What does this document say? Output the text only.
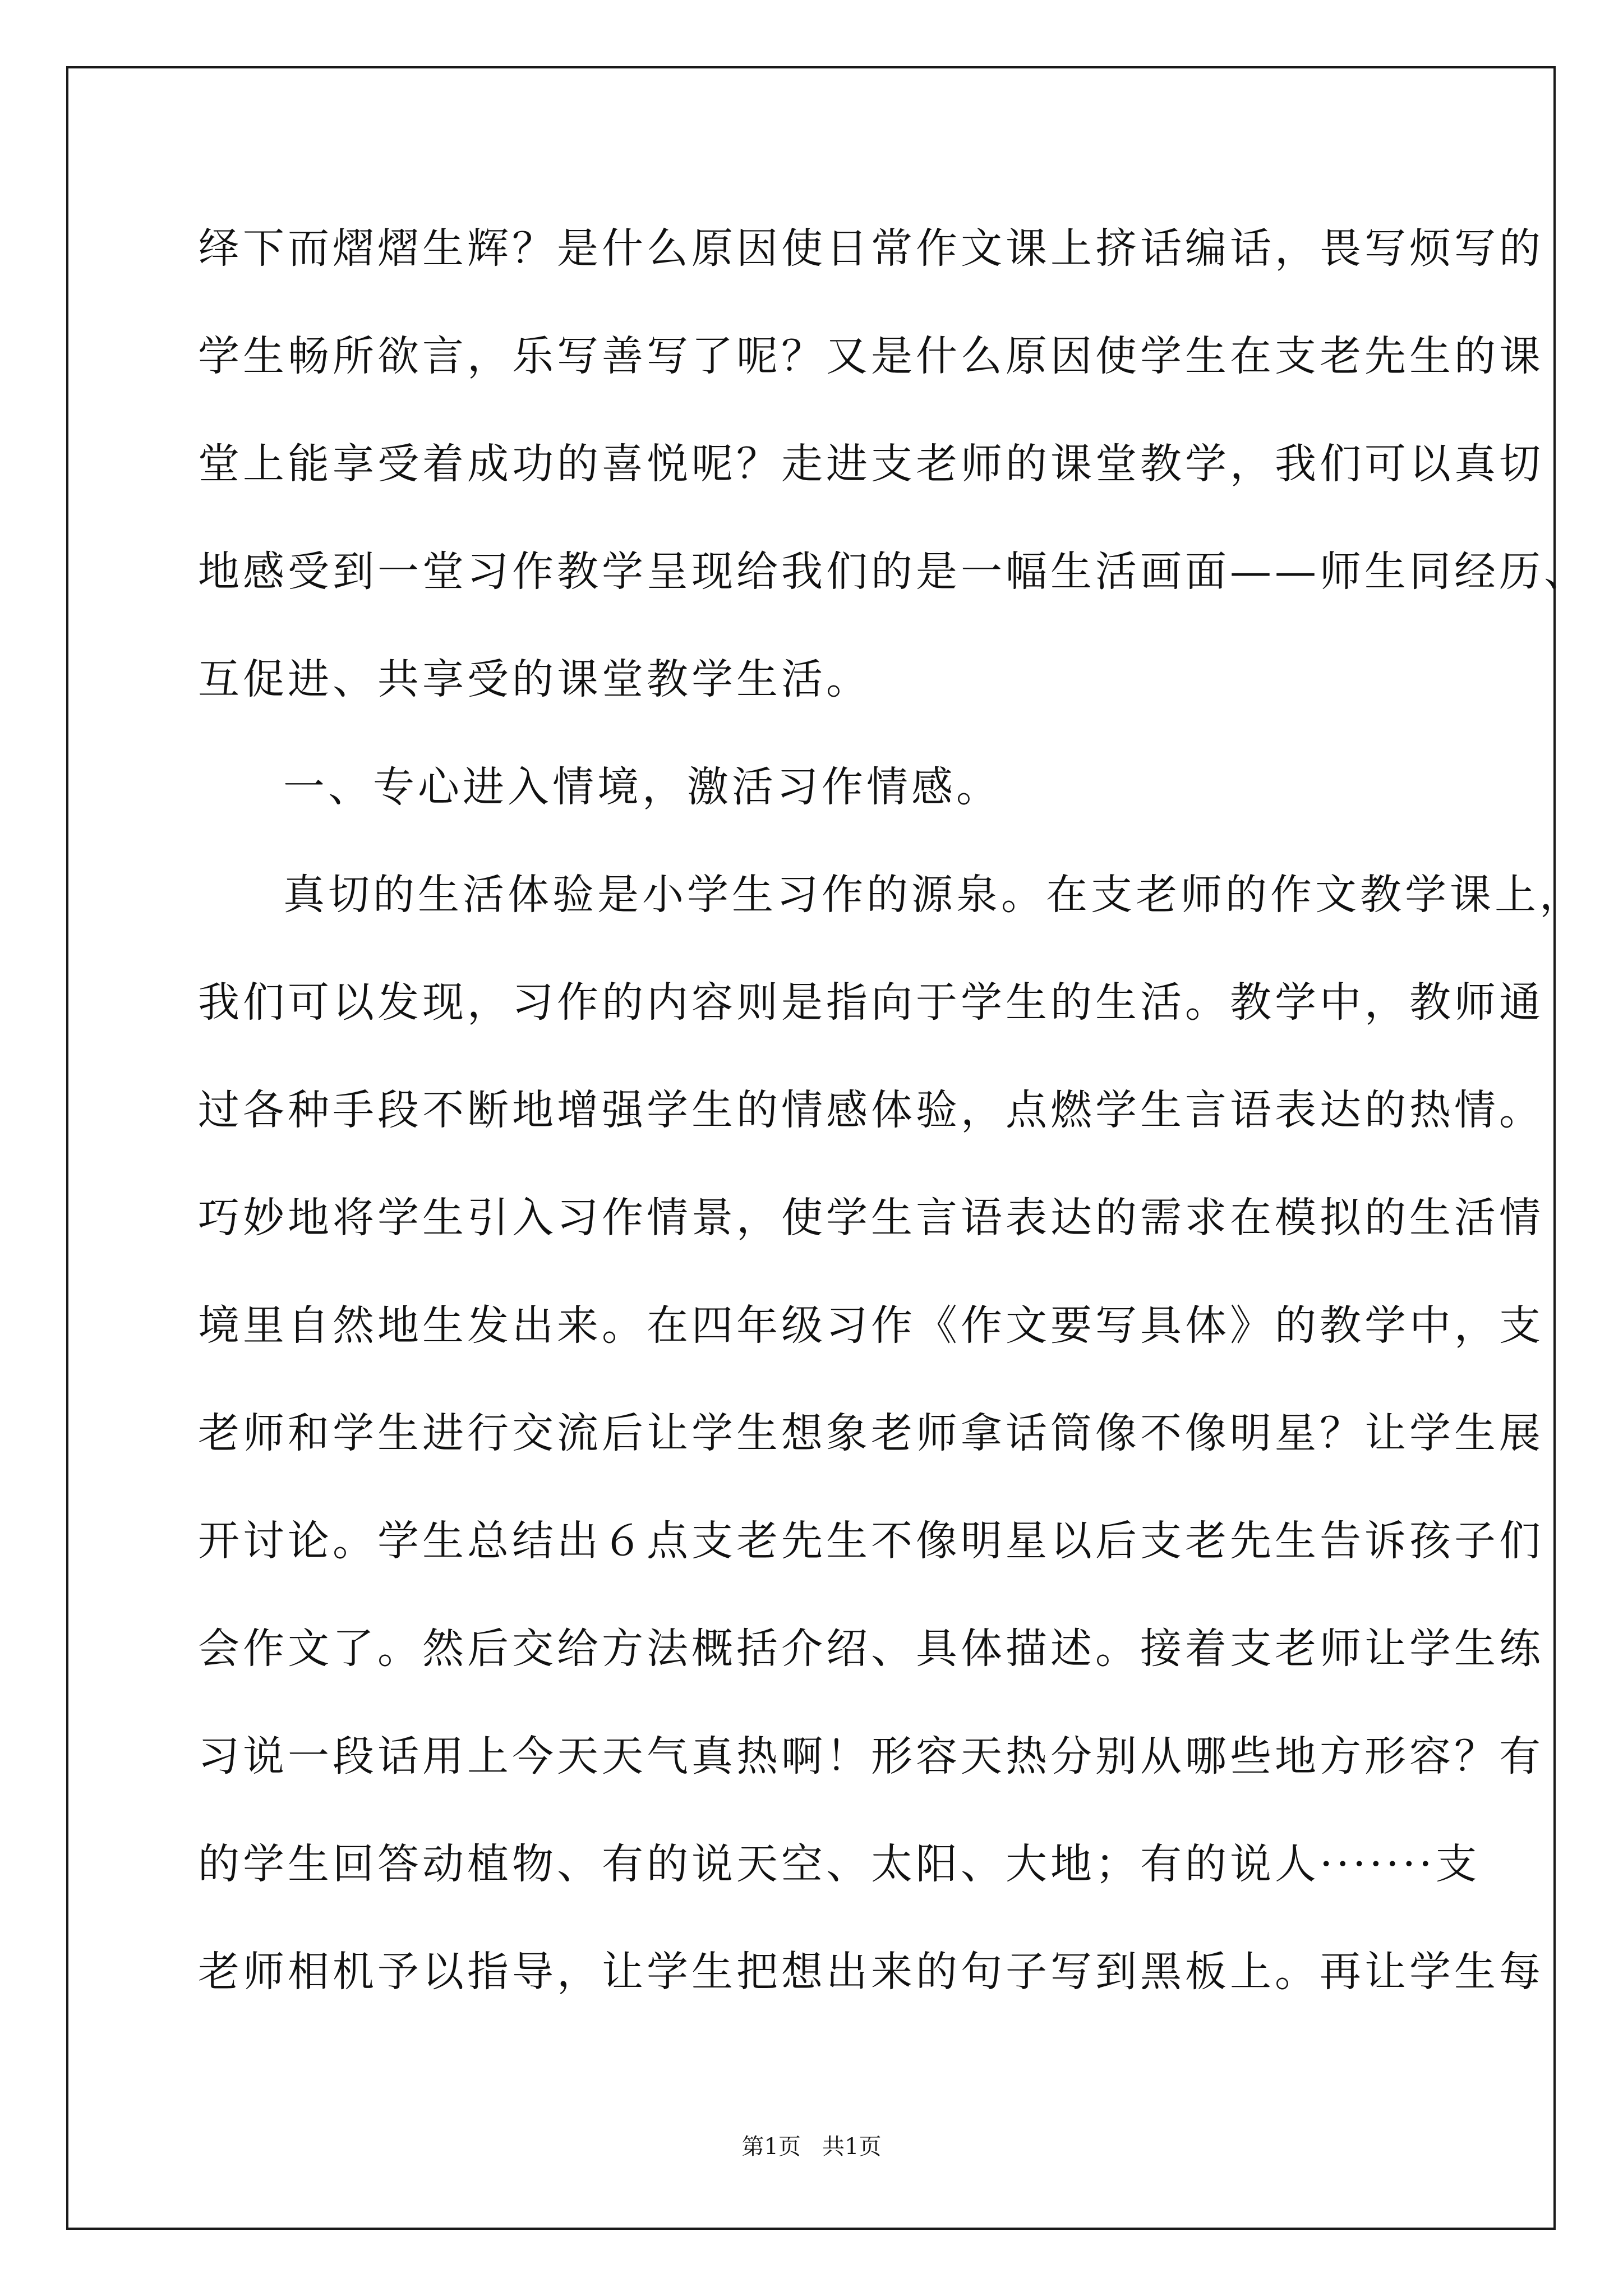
绎下而熠熠生辉？是什么原因使日常作文课上挤话编话，畏写烦写的
学生畅所欲言，乐写善写了呢？又是什么原因使学生在支老先生的课
堂上能享受着成功的喜悦呢？走进支老师的课堂教学，我们可以真切
地感受到一堂习作教学呈现给我们的是一幅生活画面——师生同经历、
互促进、共享受的课堂教学生活。
一、专心进入情境，激活习作情感。
真切的生活体验是小学生习作的源泉。在支老师的作文教学课上，
我们可以发现，习作的内容则是指向于学生的生活。教学中，教师通
过各种手段不断地增强学生的情感体验，点燃学生言语表达的热情。
巧妙地将学生引入习作情景，使学生言语表达的需求在模拟的生活情
境里自然地生发出来。在四年级习作《作文要写具体》的教学中，支
老师和学生进行交流后让学生想象老师拿话筒像不像明星？让学生展
开讨论。学生总结出６点支老先生不像明星以后支老先生告诉孩子们
会作文了。然后交给方法概括介绍、具体描述。接着支老师让学生练
习说一段话用上今天天气真热啊！形容天热分别从哪些地方形容？有
的学生回答动植物、有的说天空、太阳、大地；有的说人·······支
老师相机予以指导，让学生把想出来的句子写到黑板上。再让学生每
第1页   共1页
